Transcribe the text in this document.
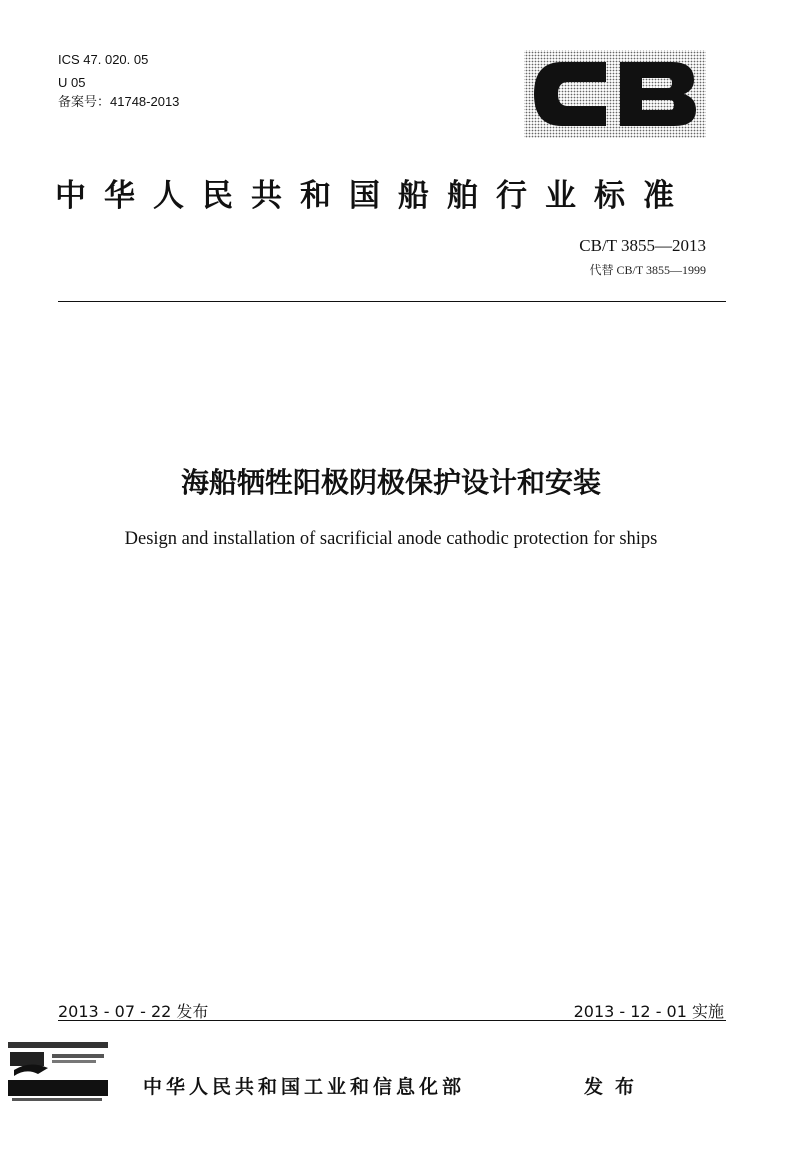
ICS 47. 020. 05
U 05
备案号：41748-2013
中华人民共和国船舶行业标准
CB/T 3855—2013
代替 CB/T 3855—1999
海船牺牲阳极阴极保护设计和安装
Design and installation of sacrificial anode cathodic protection for ships
2013 - 07 - 22 发布	2013 - 12 - 01 实施
中华人民共和国工业和信息化部	发布
